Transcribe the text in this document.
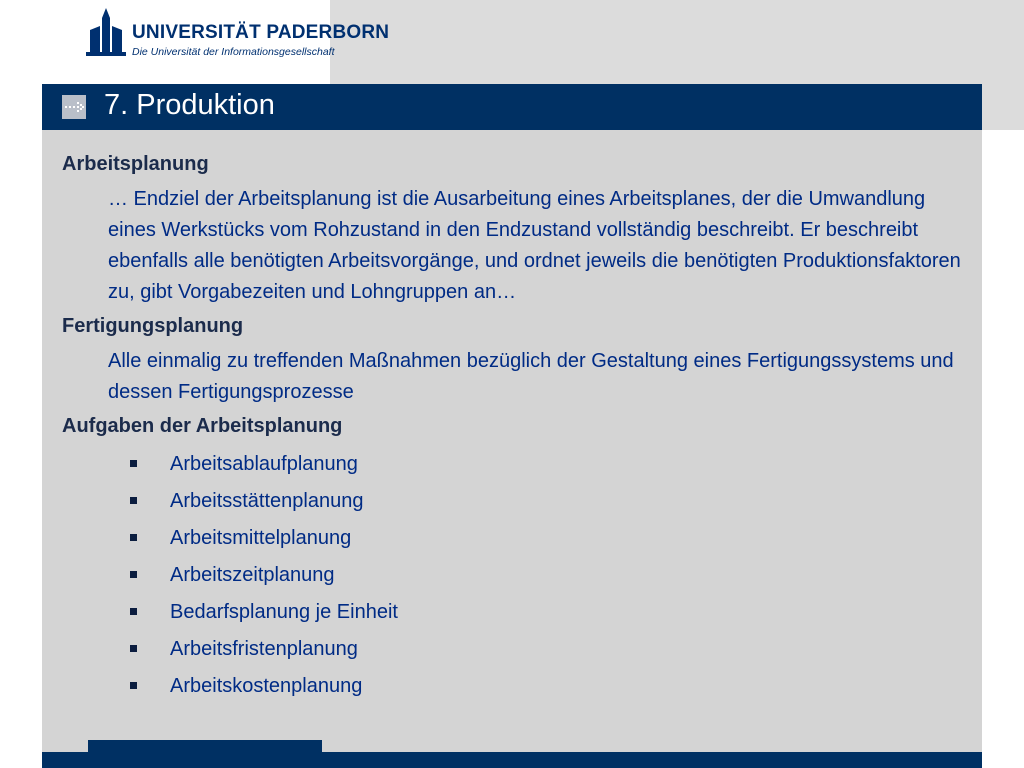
UNIVERSITÄT PADERBORN
Die Universität der Informationsgesellschaft
7. Produktion
Arbeitsplanung
… Endziel der Arbeitsplanung ist die Ausarbeitung eines Arbeitsplanes, der die Umwandlung eines Werkstücks vom Rohzustand in den Endzustand vollständig beschreibt. Er beschreibt ebenfalls alle benötigten Arbeitsvorgänge, und ordnet jeweils die benötigten Produktionsfaktoren zu, gibt Vorgabezeiten und Lohngruppen an…
Fertigungsplanung
Alle einmalig zu treffenden Maßnahmen bezüglich der Gestaltung eines Fertigungssystems und dessen Fertigungsprozesse
Aufgaben der Arbeitsplanung
Arbeitsablaufplanung
Arbeitsstättenplanung
Arbeitsmittelplanung
Arbeitszeitplanung
Bedarfsplanung je Einheit
Arbeitsfristenplanung
Arbeitskostenplanung
